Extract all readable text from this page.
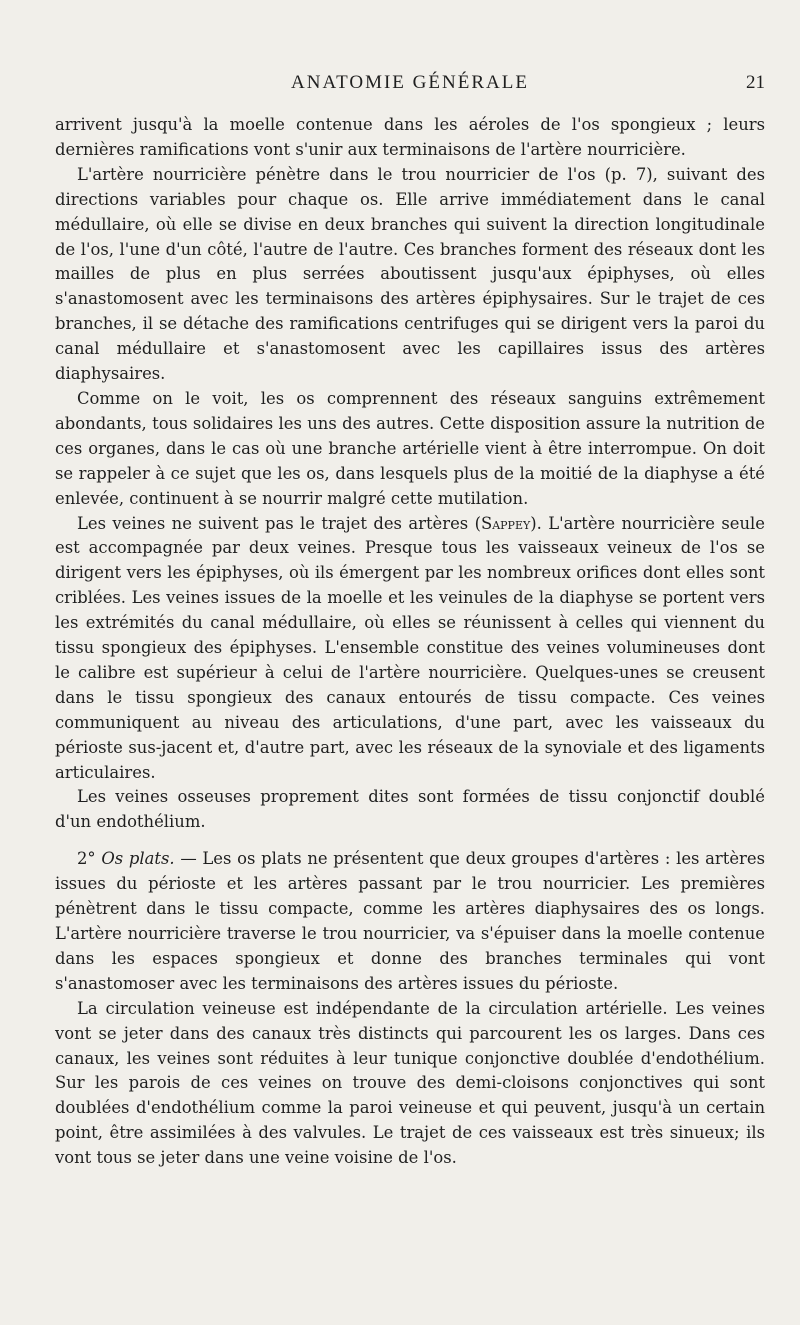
ANATOMIE GÉNÉRALE	21

arrivent jusqu'à la moelle contenue dans les aéroles de l'os spongieux ; leurs dernières ramifications vont s'unir aux terminaisons de l'artère nourricière.

L'artère nourricière pénètre dans le trou nourricier de l'os (p. 7), suivant des directions variables pour chaque os. Elle arrive immédiatement dans le canal médullaire, où elle se divise en deux branches qui suivent la direction longitudinale de l'os, l'une d'un côté, l'autre de l'autre. Ces branches forment des réseaux dont les mailles de plus en plus serrées aboutissent jusqu'aux épiphyses, où elles s'anastomosent avec les terminaisons des artères épiphysaires. Sur le trajet de ces branches, il se détache des ramifications centrifuges qui se dirigent vers la paroi du canal médullaire et s'anastomosent avec les capillaires issus des artères diaphysaires.

Comme on le voit, les os comprennent des réseaux sanguins extrêmement abondants, tous solidaires les uns des autres. Cette disposition assure la nutrition de ces organes, dans le cas où une branche artérielle vient à être interrompue. On doit se rappeler à ce sujet que les os, dans lesquels plus de la moitié de la diaphyse a été enlevée, continuent à se nourrir malgré cette mutilation.

Les veines ne suivent pas le trajet des artères (Sappey). L'artère nourricière seule est accompagnée par deux veines. Presque tous les vaisseaux veineux de l'os se dirigent vers les épiphyses, où ils émergent par les nombreux orifices dont elles sont criblées. Les veines issues de la moelle et les veinules de la diaphyse se portent vers les extrémités du canal médullaire, où elles se réunissent à celles qui viennent du tissu spongieux des épiphyses. L'ensemble constitue des veines volumineuses dont le calibre est supérieur à celui de l'artère nourricière. Quelques-unes se creusent dans le tissu spongieux des canaux entourés de tissu compacte. Ces veines communiquent au niveau des articulations, d'une part, avec les vaisseaux du périoste sus-jacent et, d'autre part, avec les réseaux de la synoviale et des ligaments articulaires.

Les veines osseuses proprement dites sont formées de tissu conjonctif doublé d'un endothélium.

2° Os plats. — Les os plats ne présentent que deux groupes d'artères : les artères issues du périoste et les artères passant par le trou nourricier. Les premières pénètrent dans le tissu compacte, comme les artères diaphysaires des os longs. L'artère nourricière traverse le trou nourricier, va s'épuiser dans la moelle contenue dans les espaces spongieux et donne des branches terminales qui vont s'anastomoser avec les terminaisons des artères issues du périoste.

La circulation veineuse est indépendante de la circulation artérielle. Les veines vont se jeter dans des canaux très distincts qui parcourent les os larges. Dans ces canaux, les veines sont réduites à leur tunique conjonctive doublée d'endothélium. Sur les parois de ces veines on trouve des demi-cloisons conjonctives qui sont doublées d'endothélium comme la paroi veineuse et qui peuvent, jusqu'à un certain point, être assimilées à des valvules. Le trajet de ces vaisseaux est très sinueux; ils vont tous se jeter dans une veine voisine de l'os.
